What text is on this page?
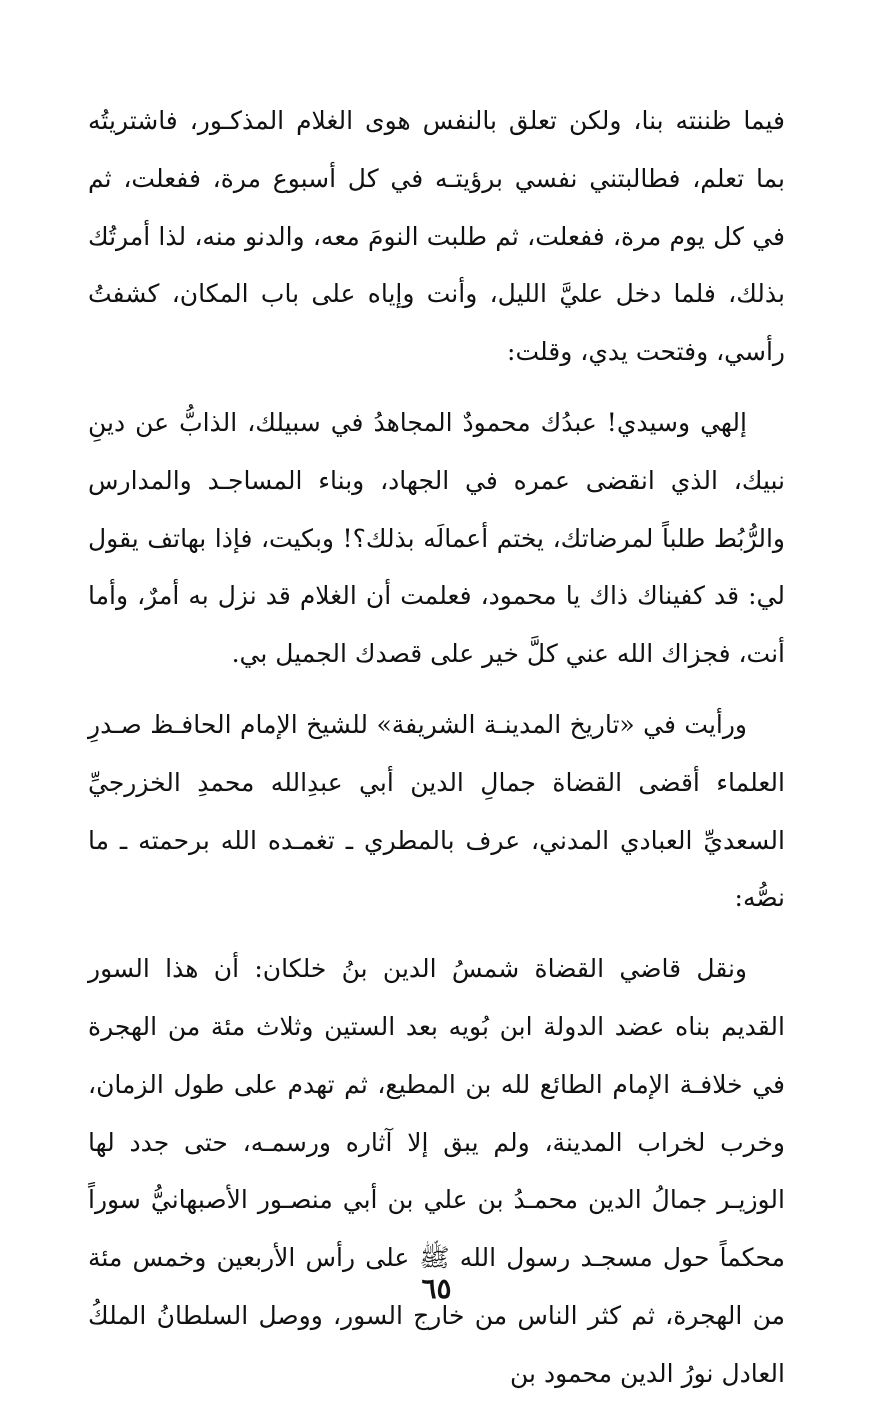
فيما ظننته بنا، ولكن تعلق بالنفس هوى الغلام المذكـور، فاشتريتُه بما تعلم، فطالبتني نفسي برؤيتـه في كل أسبوع مرة، ففعلت، ثم في كل يوم مرة، ففعلت، ثم طلبت النومَ معه، والدنو منه، لذا أمرتُك بذلك، فلما دخل عليَّ الليل، وأنت وإياه على باب المكان، كشفتُ رأسي، وفتحت يدي، وقلت:

إلهي وسيدي! عبدُك محمودٌ المجاهدُ في سبيلك، الذابُّ عن دينِ نبيك، الذي انقضى عمره في الجهاد، وبناء المساجـد والمدارس والرُّبُط طلباً لمرضاتك، يختم أعمالَه بذلك؟! وبكيت، فإذا بهاتف يقول لي: قد كفيناك ذاك يا محمود، فعلمت أن الغلام قد نزل به أمرٌ، وأما أنت، فجزاك الله عني كلَّ خير على قصدك الجميل بي.

ورأيت في «تاريخ المدينـة الشريفة» للشيخ الإمام الحافـظ صـدرِ العلماء أقضى القضاة جمالِ الدين أبي عبدِالله محمدِ الخزرجيِّ السعديِّ العبادي المدني، عرف بالمطري ـ تغمـده الله برحمته ـ ما نصُّه:

ونقل قاضي القضاة شمسُ الدين بنُ خلكان: أن هذا السور القديم بناه عضد الدولة ابن بُويه بعد الستين وثلاث مئة من الهجرة في خلافـة الإمام الطائع لله بن المطيع، ثم تهدم على طول الزمان، وخرب لخراب المدينة، ولم يبق إلا آثاره ورسمـه، حتى جدد لها الوزيـر جمالُ الدين محمـدُ بن علي بن أبي منصـور الأصبهانيُّ سوراً محكماً حول مسجـد رسول الله ﷺ على رأس الأربعين وخمس مئة من الهجرة، ثم كثر الناس من خارج السور، ووصل السلطانُ الملكُ العادل نورُ الدين محمود بن

٦٥
